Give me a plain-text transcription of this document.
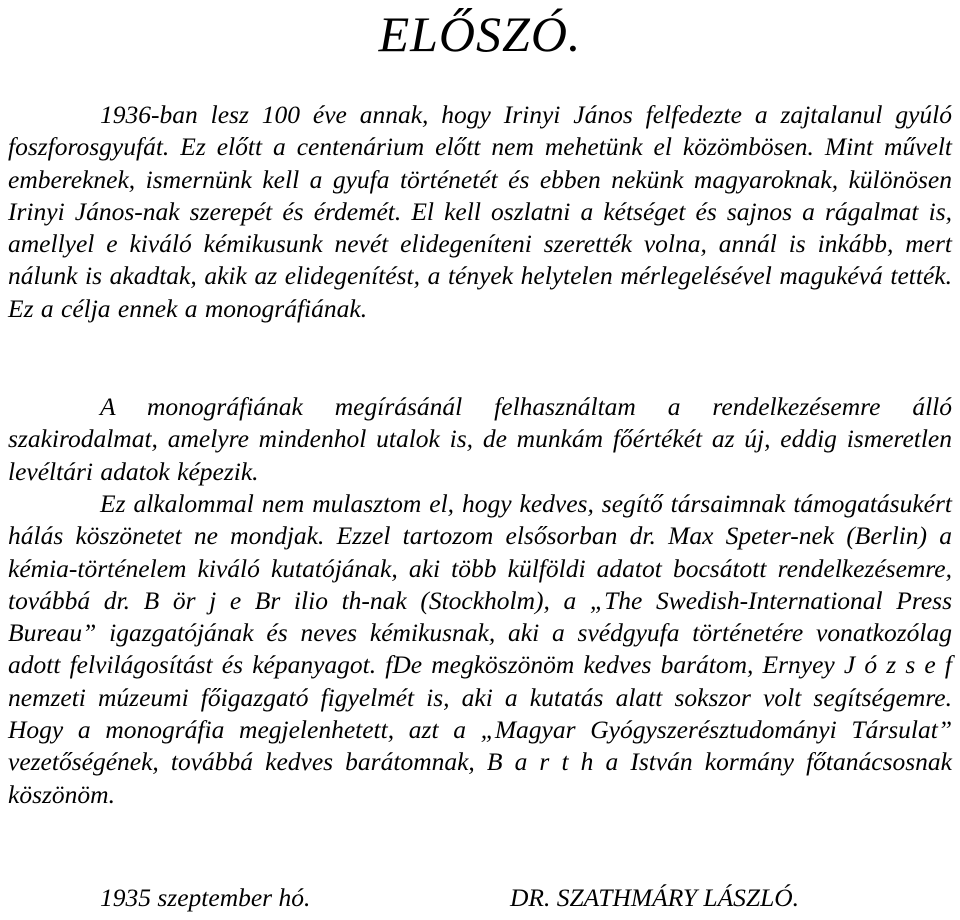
ELŐSZÓ.

1936-ban lesz 100 éve annak, hogy Irinyi János felfedezte a zajtalanul gyúló foszforosgyufát. Ez előtt a centenárium előtt nem mehetünk el közömbösen. Mint művelt embereknek, ismernünk kell a gyufa történetét és ebben nekünk magyaroknak, különösen Irinyi János-nak szerepét és érdemét. El kell oszlatni a kétséget és sajnos a rágalmat is, amellyel e kiváló kémikusunk nevét elidegeníteni szerették volna, annál is inkább, mert nálunk is akadtak, akik az elidegenítést, a tények helytelen mérlegelésével magukévá tették. Ez a célja ennek a monográfiának.

A monográfiának megírásánál felhasználtam a rendelkezésemre álló szakirodalmat, amelyre mindenhol utalok is, de munkám főértékét az új, eddig ismeretlen levéltári adatok képezik.

Ez alkalommal nem mulasztom el, hogy kedves, segítő társaimnak támogatásukért hálás köszönetet ne mondjak. Ezzel tartozom elsősorban dr. Max Speter-nek (Berlin) a kémia-történelem kiváló kutatójának, aki több külföldi adatot bocsátott rendelkezésemre, továbbá dr. B ör j e Br ilio th-nak (Stockholm), a „The Swedish-International Press Bureau” igazgatójának és neves kémikusnak, aki a svédgyufa történetére vonatkozólag adott felvilágosítást és képanyagot. fDe megköszönöm kedves barátom, Ernyey J ó z s e f nemzeti múzeumi főigazgató figyelmét is, aki a kutatás alatt sokszor volt segítségemre. Hogy a monográfia megjelenhetett, azt a „Magyar Gyógyszerésztudományi Társulat” vezetőségének, továbbá kedves barátomnak, B a r t h a István kormány főtanácsosnak köszönöm.

1935 szeptember hó.	DR. SZATHMÁRY LÁSZLÓ.
